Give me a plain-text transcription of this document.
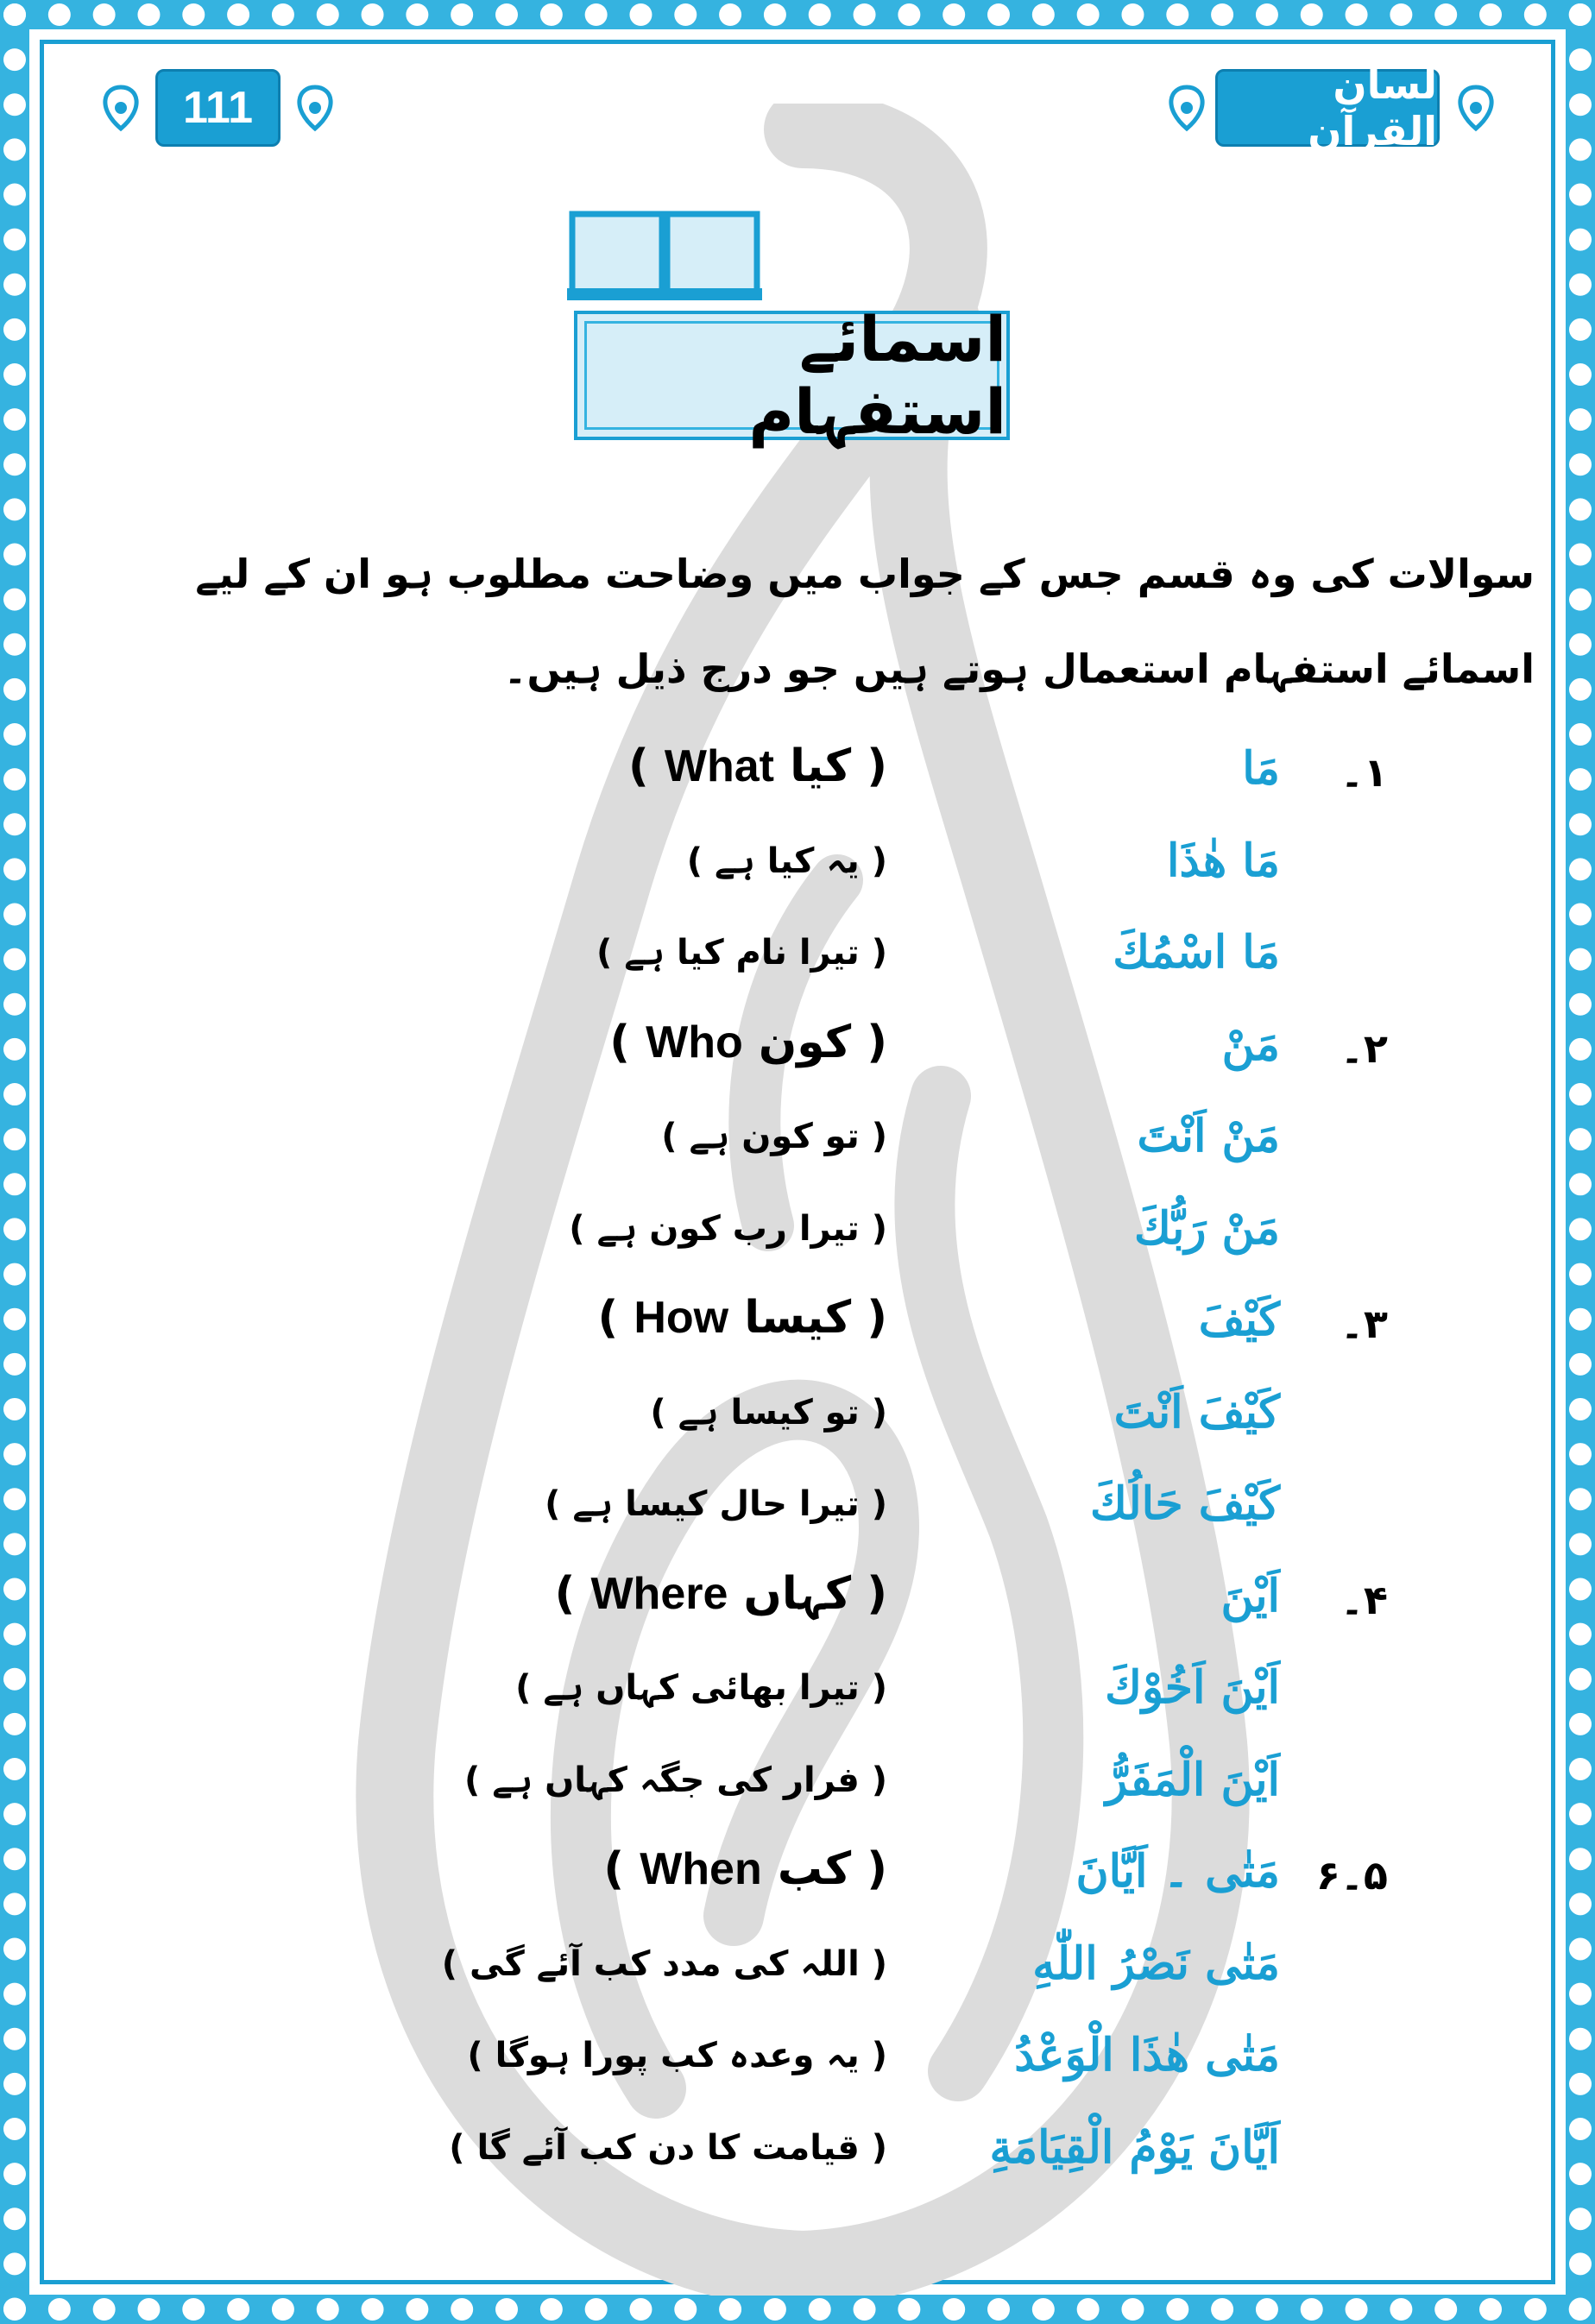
111	لسان القرآن
اسمائے استفہام
سوالات کی وہ قسم جس کے جواب میں وضاحت مطلوب ہو ان کے لیے اسمائے استفہام استعمال ہوتے ہیں جو درج ذیل ہیں۔
۱۔
مَا
( کیا What )
مَا هٰذَا
( یہ کیا ہے )
مَا اسْمُكَ
( تیرا نام کیا ہے )
۲۔
مَنْ
( کون Who )
مَنْ اَنْتَ
( تو کون ہے )
مَنْ رَبُّكَ
( تیرا رب کون ہے )
۳۔
كَيْفَ
( کیسا How )
كَيْفَ اَنْتَ
( تو کیسا ہے )
كَيْفَ حَالُكَ
( تیرا حال کیسا ہے )
۴۔
اَيْنَ
( کہاں Where )
اَيْنَ اَخُوْكَ
( تیرا بھائی کہاں ہے )
اَيْنَ الْمَفَرُّ
( فرار کی جگہ کہاں ہے )
۵۔۶
مَتٰى ۔ اَيَّانَ
( کب When )
مَتٰى نَصْرُ اللّٰهِ
( اللہ کی مدد کب آئے گی )
مَتٰى هٰذَا الْوَعْدُ
( یہ وعدہ کب پورا ہوگا )
اَيَّانَ يَوْمُ الْقِيَامَةِ
( قیامت کا دن کب آئے گا )
